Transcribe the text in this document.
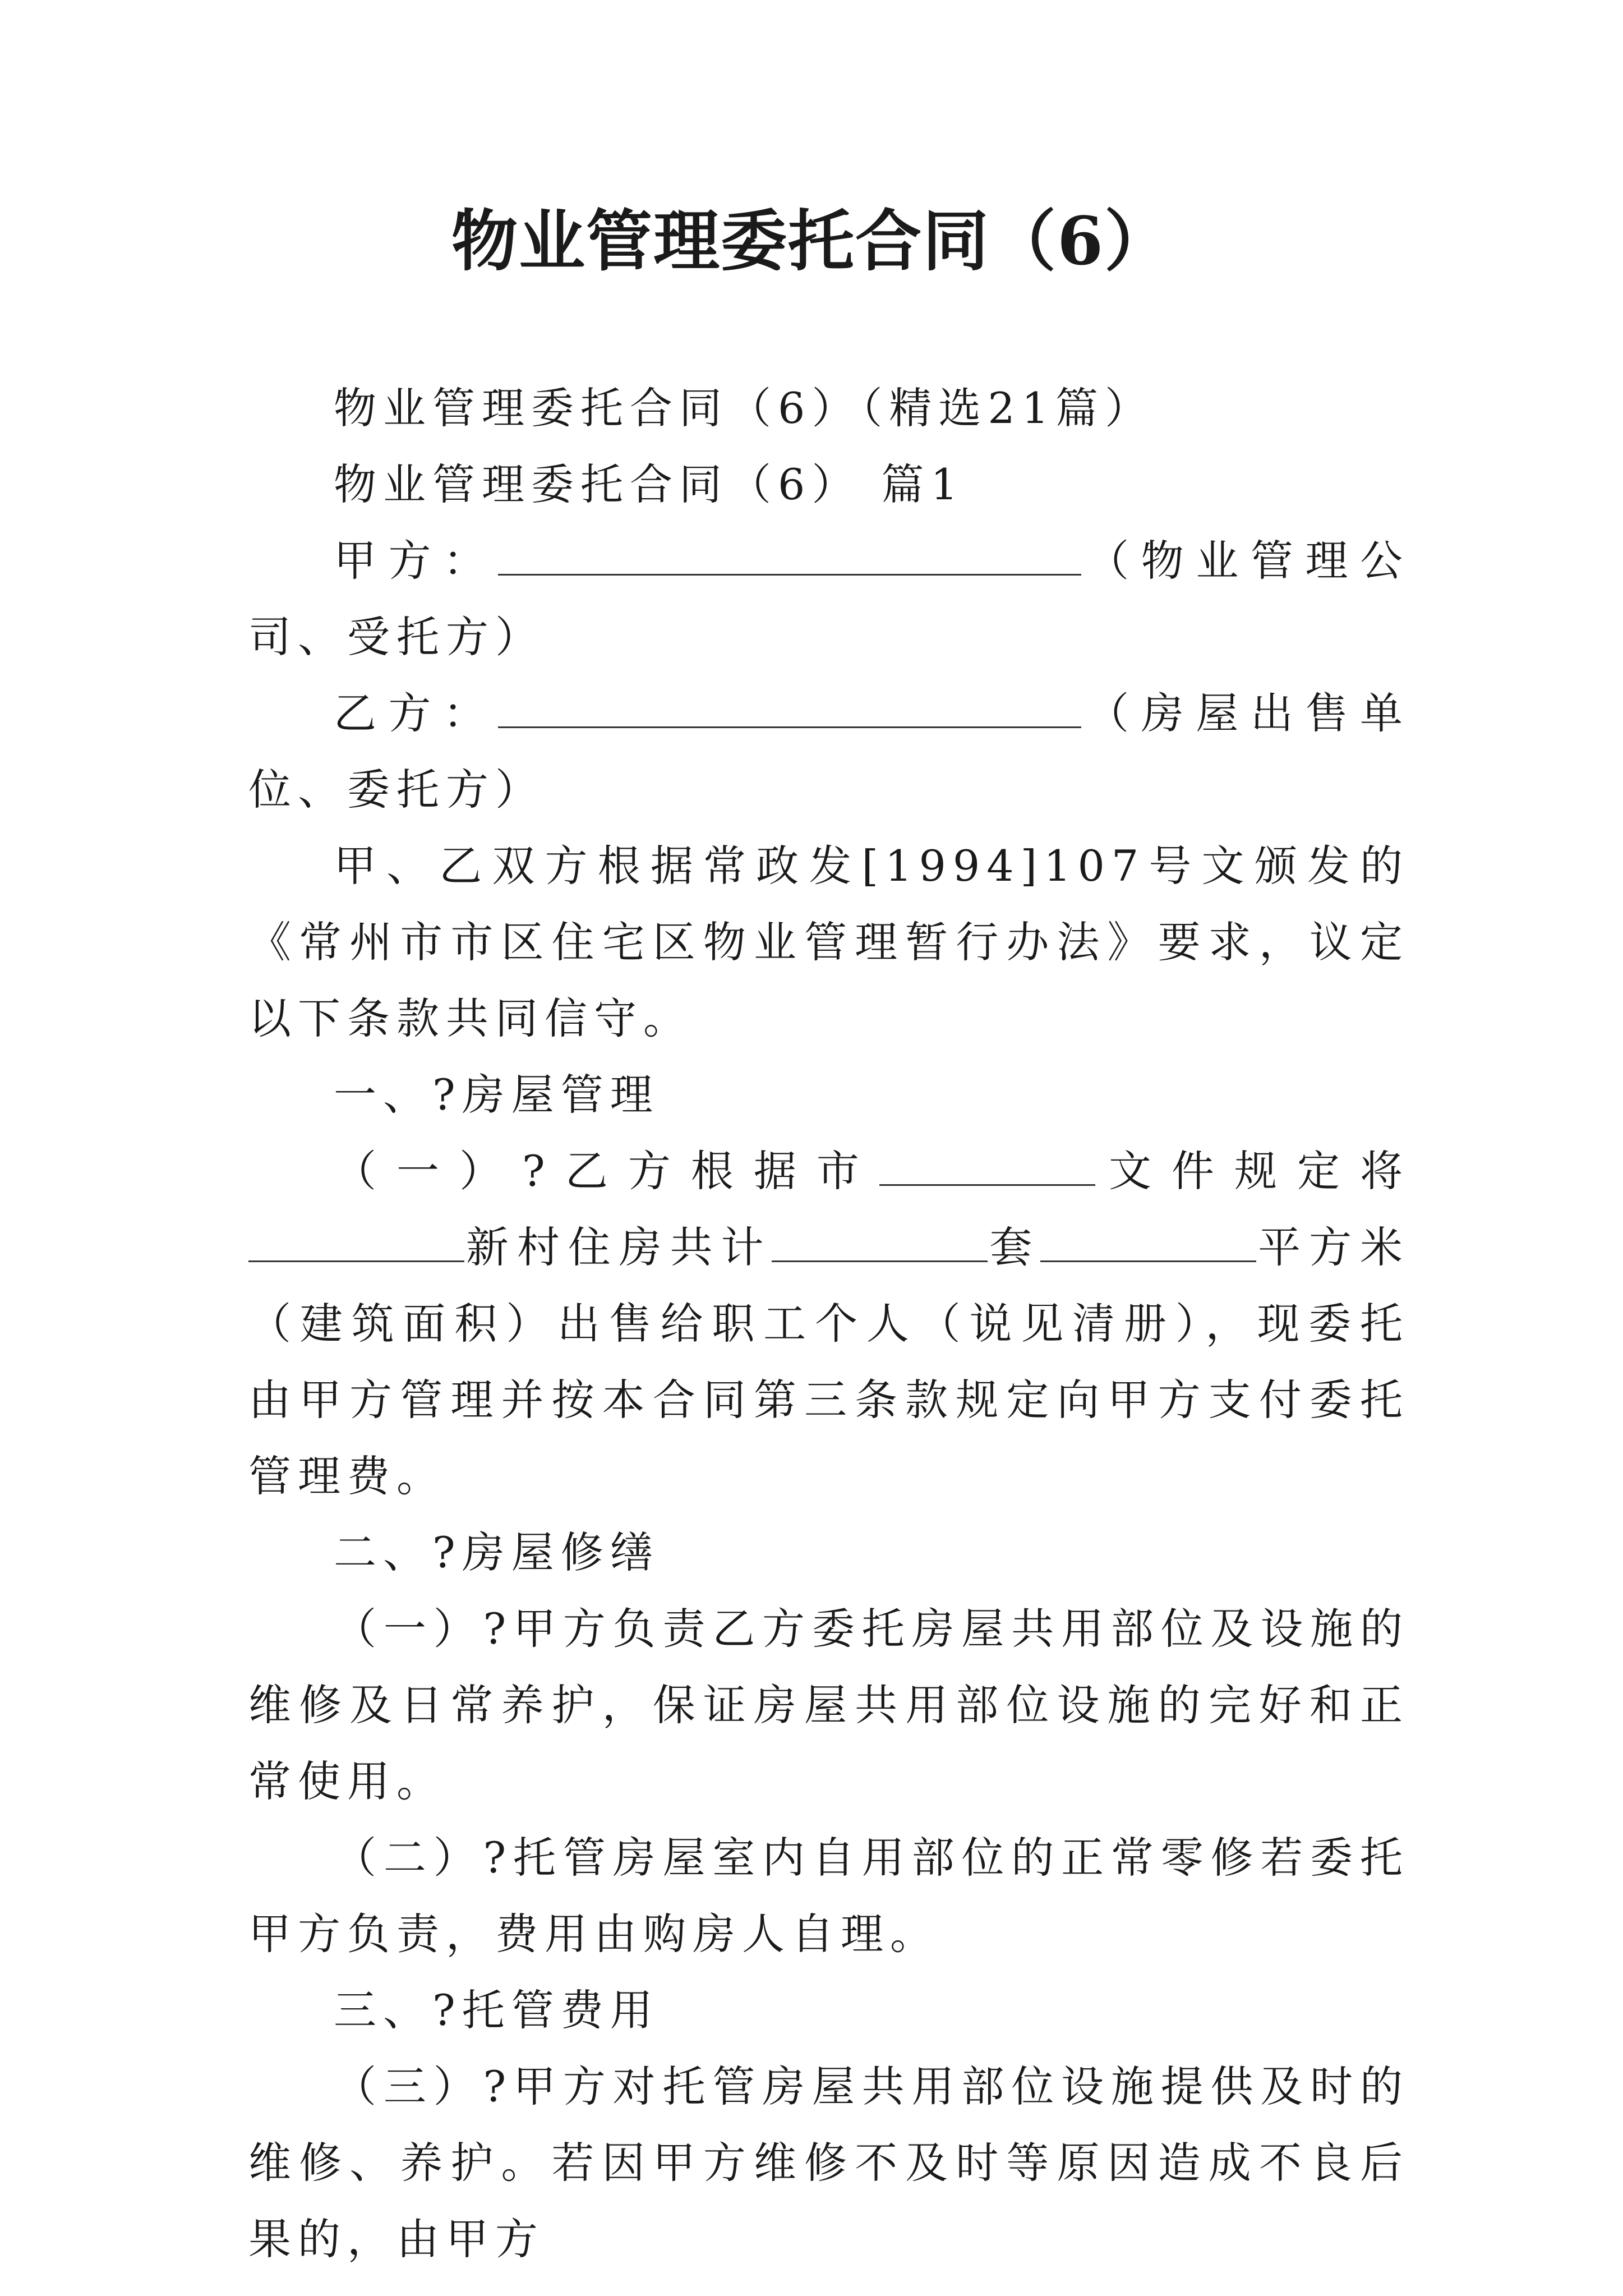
物业管理委托合同（6）

物业管理委托合同（6）（精选21篇）

物业管理委托合同（6） 篇1

甲方：	（物业管理公司、受托方）

乙方：	（房屋出售单位、委托方）

甲、乙双方根据常政发[1994]107号文颁发的《常州市市区住宅区物业管理暂行办法》要求，议定以下条款共同信守。

一、?房屋管理

（一）?乙方根据市	文件规定将新村住房共计	套	平方米（建筑面积）出售给职工个人（说见清册），现委托由甲方管理并按本合同第三条款规定向甲方支付委托管理费。

二、?房屋修缮

（一）?甲方负责乙方委托房屋共用部位及设施的维修及日常养护，保证房屋共用部位设施的完好和正常使用。

（二）?托管房屋室内自用部位的正常零修若委托甲方负责，费用由购房人自理。

三、?托管费用

（三）?甲方对托管房屋共用部位设施提供及时的维修、养护。若因甲方维修不及时等原因造成不良后果的，由甲方
